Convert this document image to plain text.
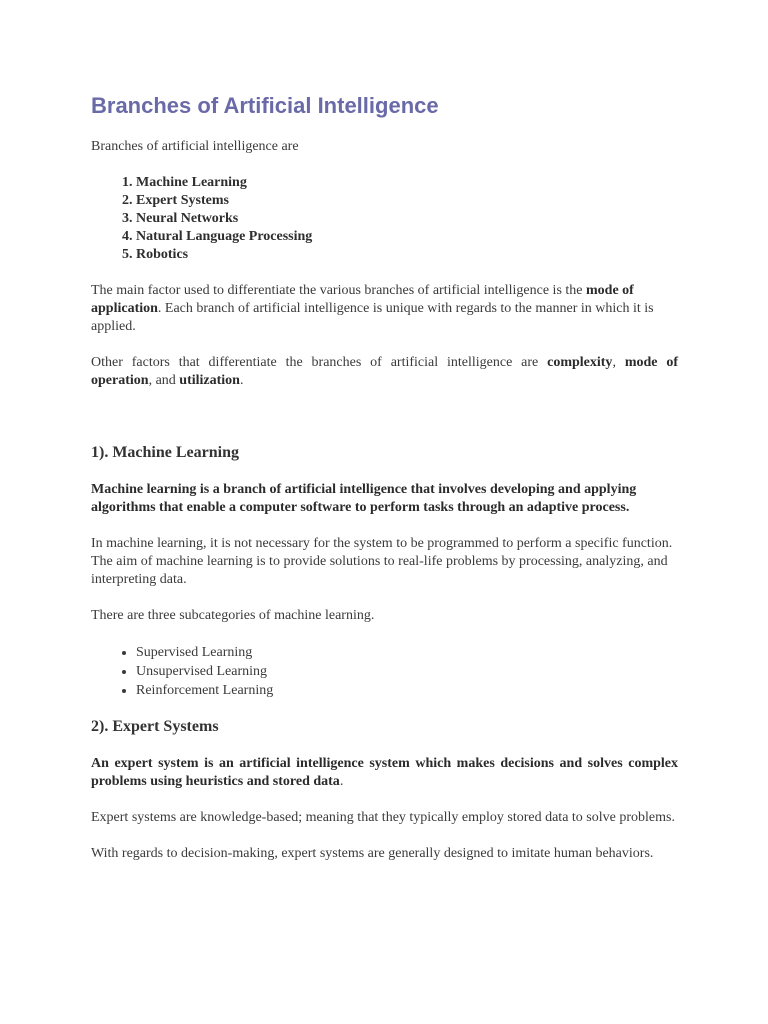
Branches of Artificial Intelligence

Branches of artificial intelligence are

1. Machine Learning
2. Expert Systems
3. Neural Networks
4. Natural Language Processing
5. Robotics

The main factor used to differentiate the various branches of artificial intelligence is the mode of application. Each branch of artificial intelligence is unique with regards to the manner in which it is applied.

Other factors that differentiate the branches of artificial intelligence are complexity, mode of operation, and utilization.

1). Machine Learning

Machine learning is a branch of artificial intelligence that involves developing and applying algorithms that enable a computer software to perform tasks through an adaptive process.

In machine learning, it is not necessary for the system to be programmed to perform a specific function. The aim of machine learning is to provide solutions to real-life problems by processing, analyzing, and interpreting data.

There are three subcategories of machine learning.

• Supervised Learning
• Unsupervised Learning
• Reinforcement Learning
2). Expert Systems

An expert system is an artificial intelligence system which makes decisions and solves complex problems using heuristics and stored data.

Expert systems are knowledge-based; meaning that they typically employ stored data to solve problems.

With regards to decision-making, expert systems are generally designed to imitate human behaviors.
